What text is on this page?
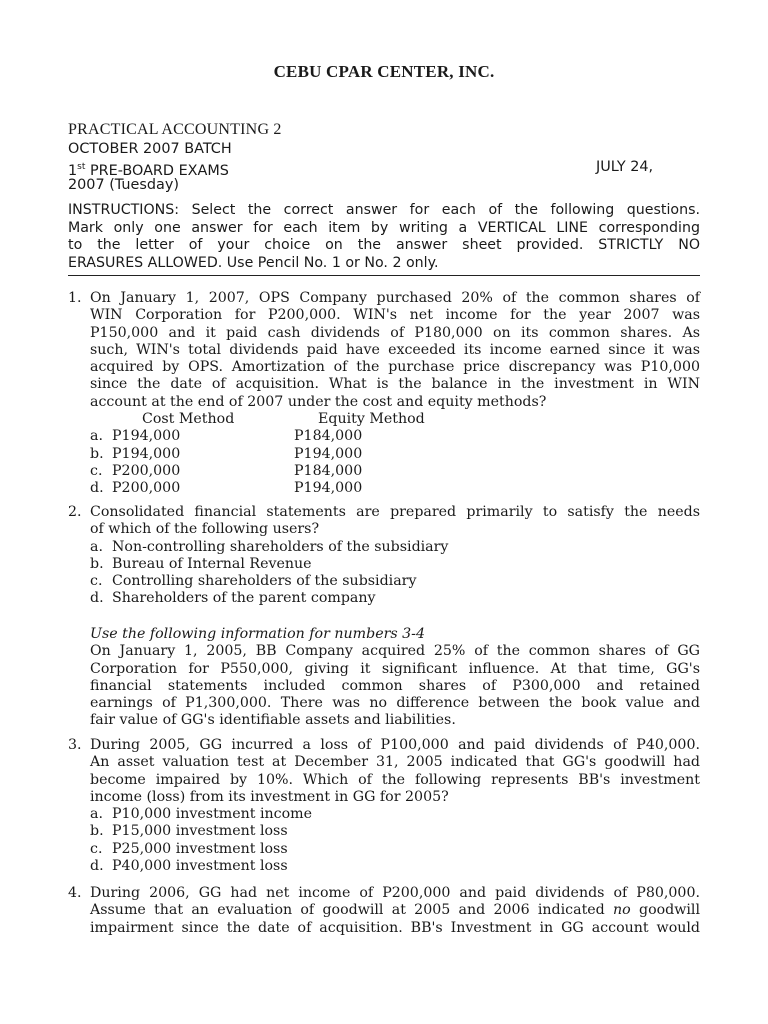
CEBU CPAR CENTER, INC.
PRACTICAL ACCOUNTING 2
OCTOBER 2007 BATCH
1st PRE-BOARD EXAMS	JULY 24,
2007 (Tuesday)
INSTRUCTIONS: Select the correct answer for each of the following questions.
Mark only one answer for each item by writing a VERTICAL LINE corresponding
to the letter of your choice on the answer sheet provided. STRICTLY NO
ERASURES ALLOWED. Use Pencil No. 1 or No. 2 only.
1. On January 1, 2007, OPS Company purchased 20% of the common shares of
WIN Corporation for P200,000. WIN's net income for the year 2007 was
P150,000 and it paid cash dividends of P180,000 on its common shares. As
such, WIN's total dividends paid have exceeded its income earned since it was
acquired by OPS. Amortization of the purchase price discrepancy was P10,000
since the date of acquisition. What is the balance in the investment in WIN
account at the end of 2007 under the cost and equity methods?
Cost Method	Equity Method
a. P194,000	P184,000
b. P194,000	P194,000
c. P200,000	P184,000
d. P200,000	P194,000
2. Consolidated financial statements are prepared primarily to satisfy the needs
of which of the following users?
a. Non-controlling shareholders of the subsidiary
b. Bureau of Internal Revenue
c. Controlling shareholders of the subsidiary
d. Shareholders of the parent company
Use the following information for numbers 3-4
On January 1, 2005, BB Company acquired 25% of the common shares of GG
Corporation for P550,000, giving it significant influence. At that time, GG's
financial statements included common shares of P300,000 and retained
earnings of P1,300,000. There was no difference between the book value and
fair value of GG's identifiable assets and liabilities.
3. During 2005, GG incurred a loss of P100,000 and paid dividends of P40,000.
An asset valuation test at December 31, 2005 indicated that GG's goodwill had
become impaired by 10%. Which of the following represents BB's investment
income (loss) from its investment in GG for 2005?
a. P10,000 investment income
b. P15,000 investment loss
c. P25,000 investment loss
d. P40,000 investment loss
4. During 2006, GG had net income of P200,000 and paid dividends of P80,000.
Assume that an evaluation of goodwill at 2005 and 2006 indicated no goodwill
impairment since the date of acquisition. BB's Investment in GG account would
